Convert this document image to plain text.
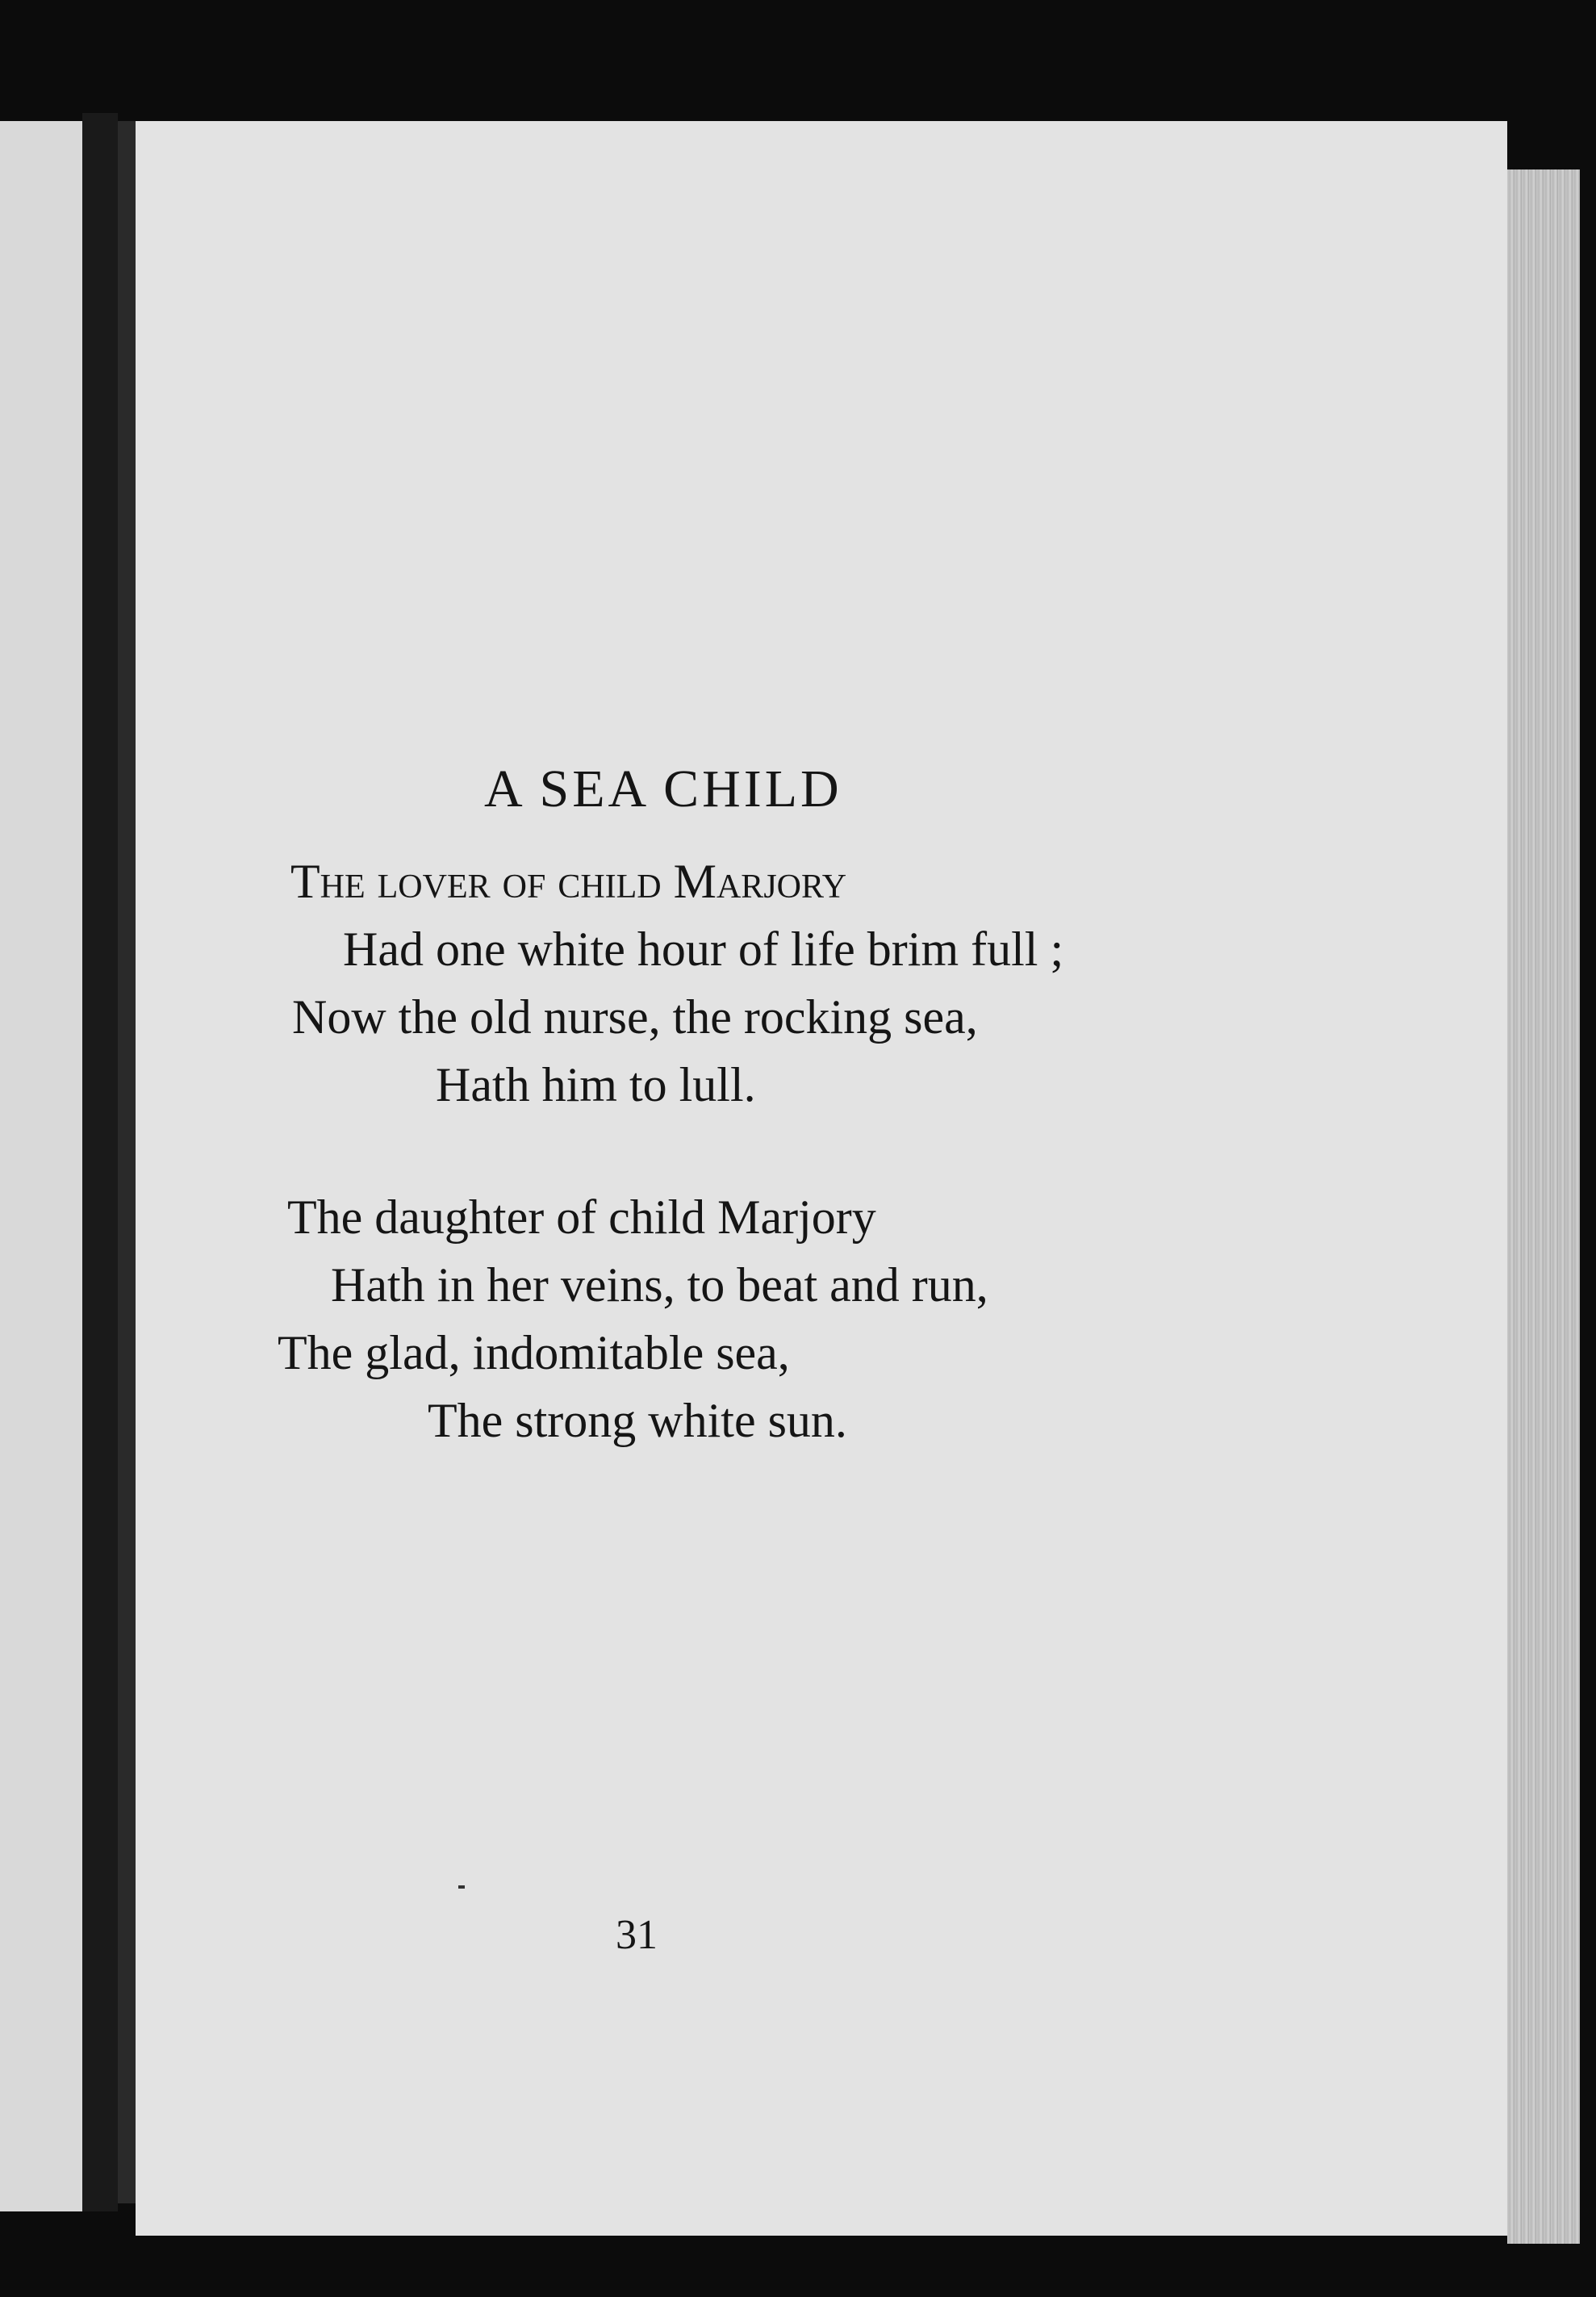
A SEA CHILD
The lover of child Marjory
Had one white hour of life brim full ;
Now the old nurse, the rocking sea,
Hath him to lull.
The daughter of child Marjory
Hath in her veins, to beat and run,
The glad, indomitable sea,
The strong white sun.
31
